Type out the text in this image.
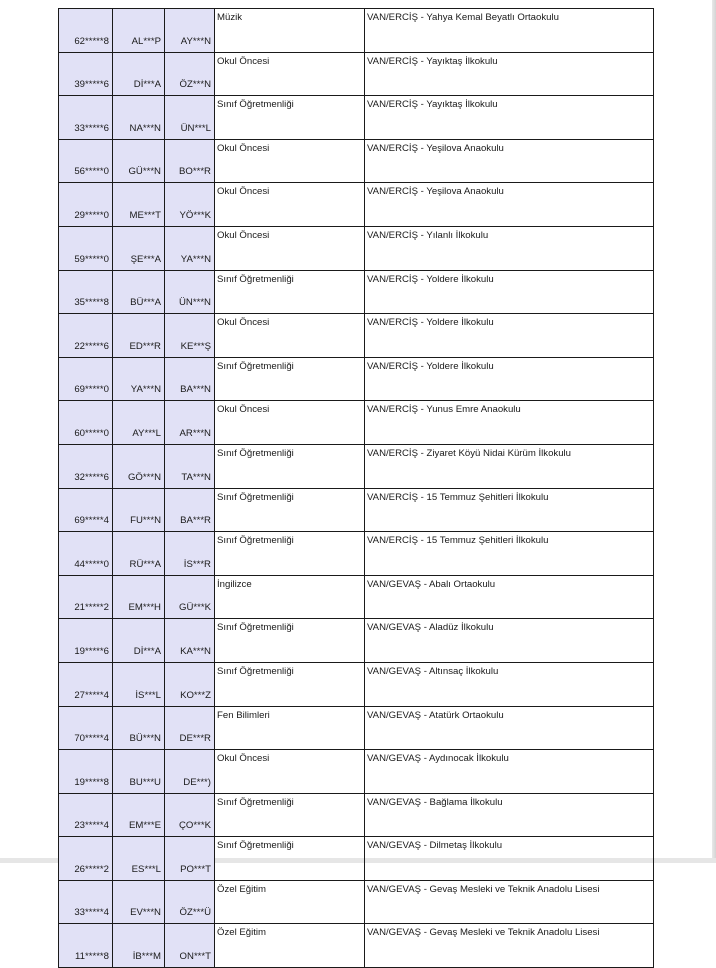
62*****8	AL***P	AY***N	Müzik	VAN/ERCİŞ - Yahya Kemal Beyatlı Ortaokulu
39*****6	Dİ***A	ÖZ***N	Okul Öncesi	VAN/ERCİŞ - Yayıktaş İlkokulu
33*****6	NA***N	ÜN***L	Sınıf Öğretmenliği	VAN/ERCİŞ - Yayıktaş İlkokulu
56*****0	GÜ***N	BO***R	Okul Öncesi	VAN/ERCİŞ - Yeşilova Anaokulu
29*****0	ME***T	YÖ***K	Okul Öncesi	VAN/ERCİŞ - Yeşilova Anaokulu
59*****0	ŞE***A	YA***N	Okul Öncesi	VAN/ERCİŞ - Yılanlı İlkokulu
35*****8	BÜ***A	ÜN***N	Sınıf Öğretmenliği	VAN/ERCİŞ - Yoldere İlkokulu
22*****6	ED***R	KE***Ş	Okul Öncesi	VAN/ERCİŞ - Yoldere İlkokulu
69*****0	YA***N	BA***N	Sınıf Öğretmenliği	VAN/ERCİŞ - Yoldere İlkokulu
60*****0	AY***L	AR***N	Okul Öncesi	VAN/ERCİŞ - Yunus Emre Anaokulu
32*****6	GÖ***N	TA***N	Sınıf Öğretmenliği	VAN/ERCİŞ - Ziyaret Köyü Nidai Kürüm İlkokulu
69*****4	FU***N	BA***R	Sınıf Öğretmenliği	VAN/ERCİŞ - 15 Temmuz Şehitleri İlkokulu
44*****0	RÜ***A	İS***R	Sınıf Öğretmenliği	VAN/ERCİŞ - 15 Temmuz Şehitleri İlkokulu
21*****2	EM***H	GÜ***K	İngilizce	VAN/GEVAŞ - Abalı Ortaokulu
19*****6	Dİ***A	KA***N	Sınıf Öğretmenliği	VAN/GEVAŞ - Aladüz İlkokulu
27*****4	İS***L	KO***Z	Sınıf Öğretmenliği	VAN/GEVAŞ - Altınsaç İlkokulu
70*****4	BÜ***N	DE***R	Fen Bilimleri	VAN/GEVAŞ - Atatürk Ortaokulu
19*****8	BU***U	DE***)	Okul Öncesi	VAN/GEVAŞ - Aydınocak İlkokulu
23*****4	EM***E	ÇO***K	Sınıf Öğretmenliği	VAN/GEVAŞ - Bağlama İlkokulu
26*****2	ES***L	PO***T	Sınıf Öğretmenliği	VAN/GEVAŞ - Dilmetaş İlkokulu
33*****4	EV***N	ÖZ***Ü	Özel Eğitim	VAN/GEVAŞ - Gevaş Mesleki ve Teknik Anadolu Lisesi
11*****8	İB***M	ON***T	Özel Eğitim	VAN/GEVAŞ - Gevaş Mesleki ve Teknik Anadolu Lisesi
